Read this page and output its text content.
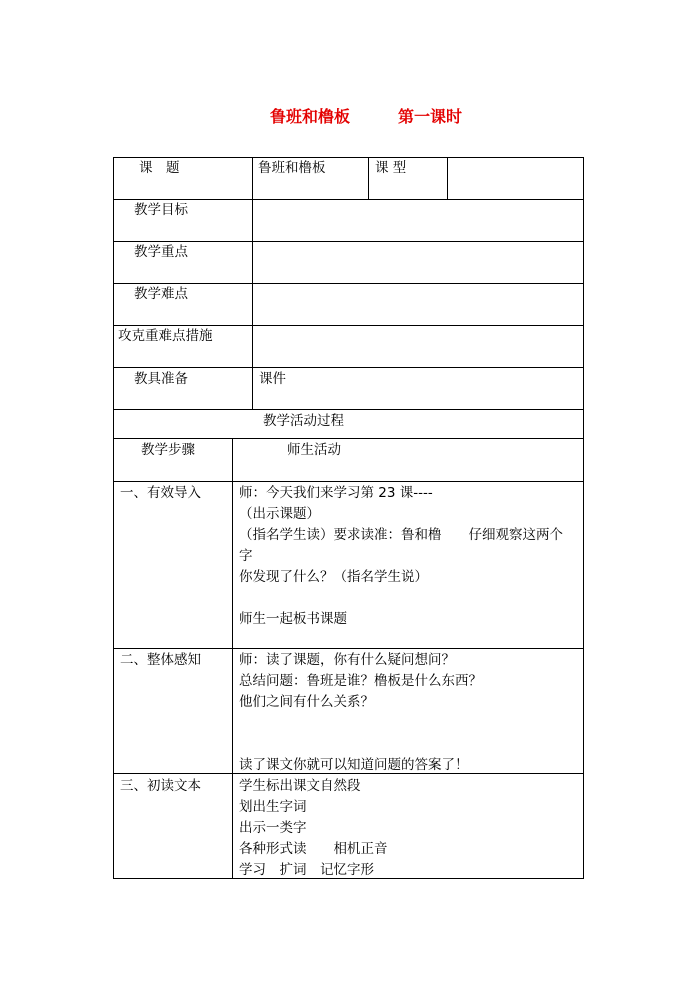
鲁班和橹板	第一课时
课　题	鲁班和橹板	课 型
教学目标
教学重点
教学难点
攻克重难点措施
教具准备	课件
教学活动过程
教学步骤	师生活动
一、有效导入	师：今天我们来学习第 23 课----
（出示课题）
（指名学生读）要求读准：鲁和橹　　仔细观察这两个
字
你发现了什么？（指名学生说）
师生一起板书课题
二、整体感知	师：读了课题，你有什么疑问想问？
总结问题：鲁班是谁？橹板是什么东西？
他们之间有什么关系？
读了课文你就可以知道问题的答案了！
三、初读文本	学生标出课文自然段
划出生字词
出示一类字
各种形式读　　相机正音
学习　扩词　记忆字形
